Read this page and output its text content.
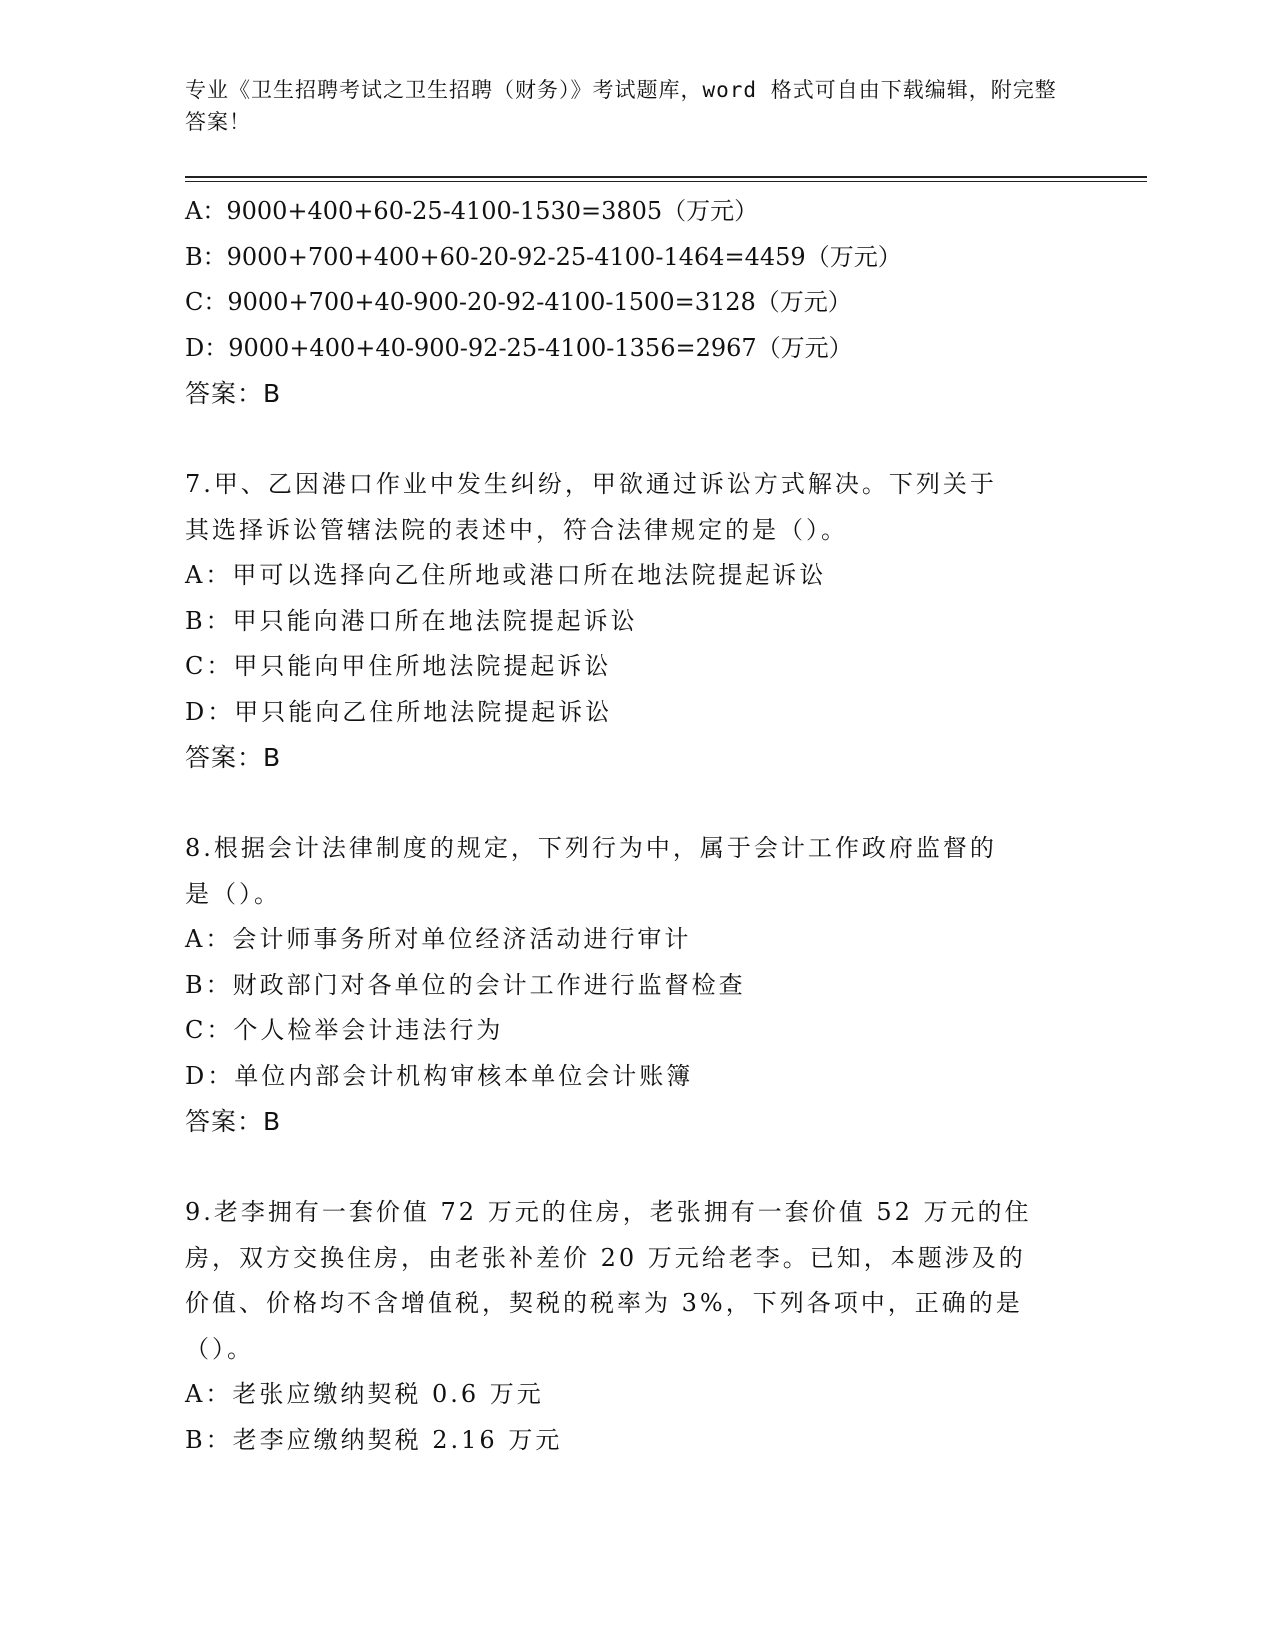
专业《卫生招聘考试之卫生招聘（财务）》考试题库，word 格式可自由下载编辑，附完整答案！
A：9000+400+60-25-4100-1530=3805（万元）
B：9000+700+400+60-20-92-25-4100-1464=4459（万元）
C：9000+700+40-900-20-92-4100-1500=3128（万元）
D：9000+400+40-900-92-25-4100-1356=2967（万元）
答案：B
7.甲、乙因港口作业中发生纠纷，甲欲通过诉讼方式解决。下列关于
其选择诉讼管辖法院的表述中，符合法律规定的是（）。
A：甲可以选择向乙住所地或港口所在地法院提起诉讼
B：甲只能向港口所在地法院提起诉讼
C：甲只能向甲住所地法院提起诉讼
D：甲只能向乙住所地法院提起诉讼
答案：B
8.根据会计法律制度的规定，下列行为中，属于会计工作政府监督的
是（）。
A：会计师事务所对单位经济活动进行审计
B：财政部门对各单位的会计工作进行监督检查
C：个人检举会计违法行为
D：单位内部会计机构审核本单位会计账簿
答案：B
9.老李拥有一套价值 72 万元的住房，老张拥有一套价值 52 万元的住
房，双方交换住房，由老张补差价 20 万元给老李。已知，本题涉及的
价值、价格均不含增值税，契税的税率为 3%，下列各项中，正确的是
（）。
A：老张应缴纳契税 0.6 万元
B：老李应缴纳契税 2.16 万元
